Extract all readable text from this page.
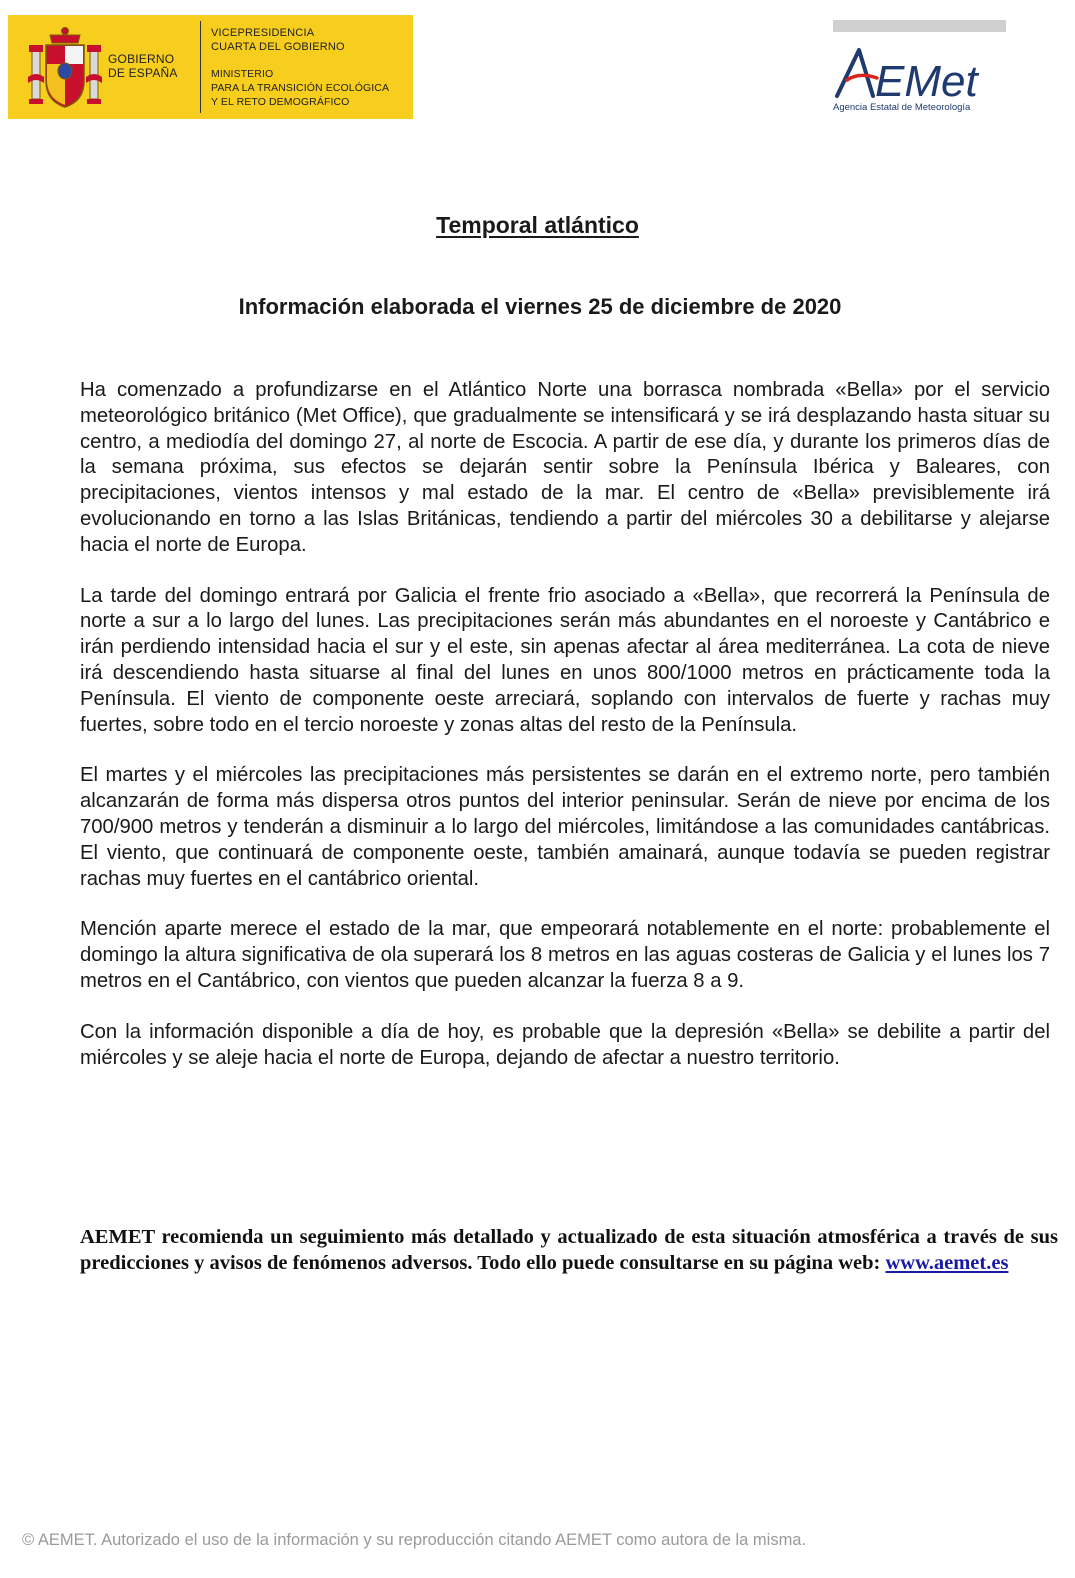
GOBIERNO
DE ESPAÑA
VICEPRESIDENCIA
CUARTA DEL GOBIERNO
MINISTERIO
PARA LA TRANSICIÓN ECOLÓGICA
Y EL RETO DEMOGRÁFICO	EMet
Agencia Estatal de Meteorología
Temporal atlántico
Información elaborada el viernes 25 de diciembre de 2020

Ha comenzado a profundizarse en el Atlántico Norte una borrasca nombrada «Bella» por el servicio meteorológico británico (Met Office), que gradualmente se intensificará y se irá desplazando hasta situar su centro, a mediodía del domingo 27, al norte de Escocia. A partir de ese día, y durante los primeros días de la semana próxima, sus efectos se dejarán sentir sobre la Península Ibérica y Baleares, con precipitaciones, vientos intensos y mal estado de la mar. El centro de «Bella» previsiblemente irá evolucionando en torno a las Islas Británicas, tendiendo a partir del miércoles 30 a debilitarse y alejarse hacia el norte de Europa.

La tarde del domingo entrará por Galicia el frente frio asociado a «Bella», que recorrerá la Península de norte a sur a lo largo del lunes. Las precipitaciones serán más abundantes en el noroeste y Cantábrico e irán perdiendo intensidad hacia el sur y el este, sin apenas afectar al área mediterránea. La cota de nieve irá descendiendo hasta situarse al final del lunes en unos 800/1000 metros en prácticamente toda la Península. El viento de componente oeste arreciará, soplando con intervalos de fuerte y rachas muy fuertes, sobre todo en el tercio noroeste y zonas altas del resto de la Península.

El martes y el miércoles las precipitaciones más persistentes se darán en el extremo norte, pero también alcanzarán de forma más dispersa otros puntos del interior peninsular. Serán de nieve por encima de los 700/900 metros y tenderán a disminuir a lo largo del miércoles, limitándose a las comunidades cantábricas. El viento, que continuará de componente oeste, también amainará, aunque todavía se pueden registrar rachas muy fuertes en el cantábrico oriental.

Mención aparte merece el estado de la mar, que empeorará notablemente en el norte: probablemente el domingo la altura significativa de ola superará los 8 metros en las aguas costeras de Galicia y el lunes los 7 metros en el Cantábrico, con vientos que pueden alcanzar la fuerza 8 a 9.

Con la información disponible a día de hoy, es probable que la depresión «Bella» se debilite a partir del miércoles y se aleje hacia el norte de Europa, dejando de afectar a nuestro territorio.

AEMET recomienda un seguimiento más detallado y actualizado de esta situación atmosférica a través de sus predicciones y avisos de fenómenos adversos. Todo ello puede consultarse en su página web: www.aemet.es
© AEMET. Autorizado el uso de la información y su reproducción citando AEMET como autora de la misma.
